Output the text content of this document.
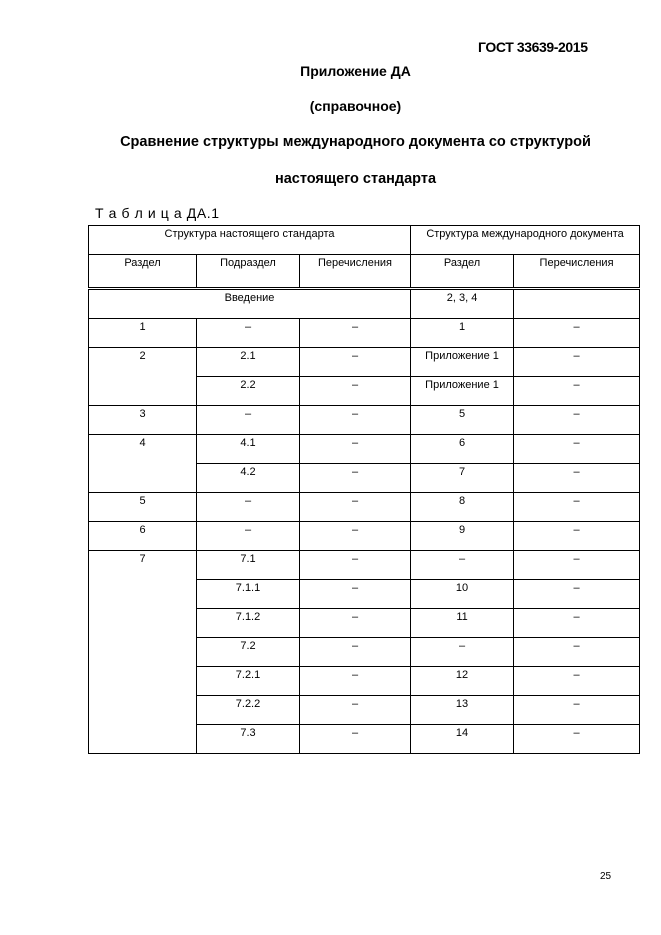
ГОСТ 33639-2015
Приложение ДА
(справочное)
Сравнение структуры международного документа со структурой
настоящего стандарта
Т а б л и ц а ДА.1
Структура настоящего стандарта			Структура международного документа	
Раздел	Подраздел	Перечисления	Раздел	Перечисления
Введение			2, 3, 4	
1	–	–	1	–
2	2.1	–	Приложение 1	–
	2.2	–	Приложение 1	–
3	–	–	5	–
4	4.1	–	6	–
	4.2	–	7	–
5	–	–	8	–
6	–	–	9	–
7	7.1	–	–	–
	7.1.1	–	10	–
	7.1.2	–	11	–
	7.2	–	–	–
	7.2.1	–	12	–
	7.2.2	–	13	–
	7.3	–	14	–
25
